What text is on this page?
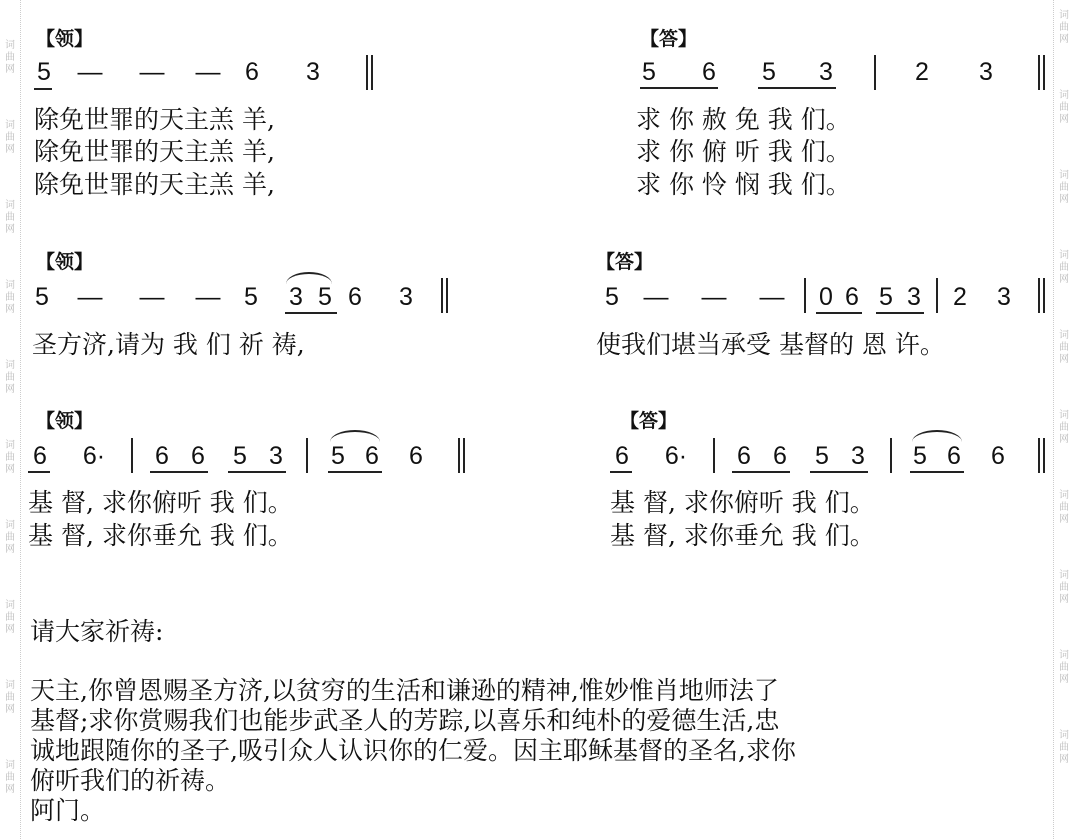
词曲网
词曲网
词曲网
词曲网
词曲网
词曲网
词曲网
词曲网
词曲网
词曲网
词曲网
词曲网
词曲网
词曲网
词曲网
词曲网
词曲网
词曲网
词曲网
词曲网
【领】	【答】
5	— — — 6	3	5	6	5	3	2	3
除免世罪的天主羔 羊,
除免世罪的天主羔 羊,
除免世罪的天主羔 羊,
求 你 赦 免 我 们。
求 你 俯 听 我 们。
求 你 怜 悯 我 们。
【领】	【答】
5	— — — 5	3 5 6	3	5 — — —	0 6 5 3	2	3
圣方济,请为 我 们 祈 祷,	使我们堪当承受 基督的 恩 许。
【领】	【答】
6	6·	6 6	5 3	5 6	6	6	6·	6 6	5 3	5 6	6
基 督, 求你俯听 我 们。
基 督, 求你垂允 我 们。
基 督, 求你俯听 我 们。
基 督, 求你垂允 我 们。
请大家祈祷:
天主,你曾恩赐圣方济,以贫穷的生活和谦逊的精神,惟妙惟肖地师法了
基督;求你赏赐我们也能步武圣人的芳踪,以喜乐和纯朴的爱德生活,忠
诚地跟随你的圣子,吸引众人认识你的仁爱。因主耶稣基督的圣名,求你
俯听我们的祈祷。
阿门。
